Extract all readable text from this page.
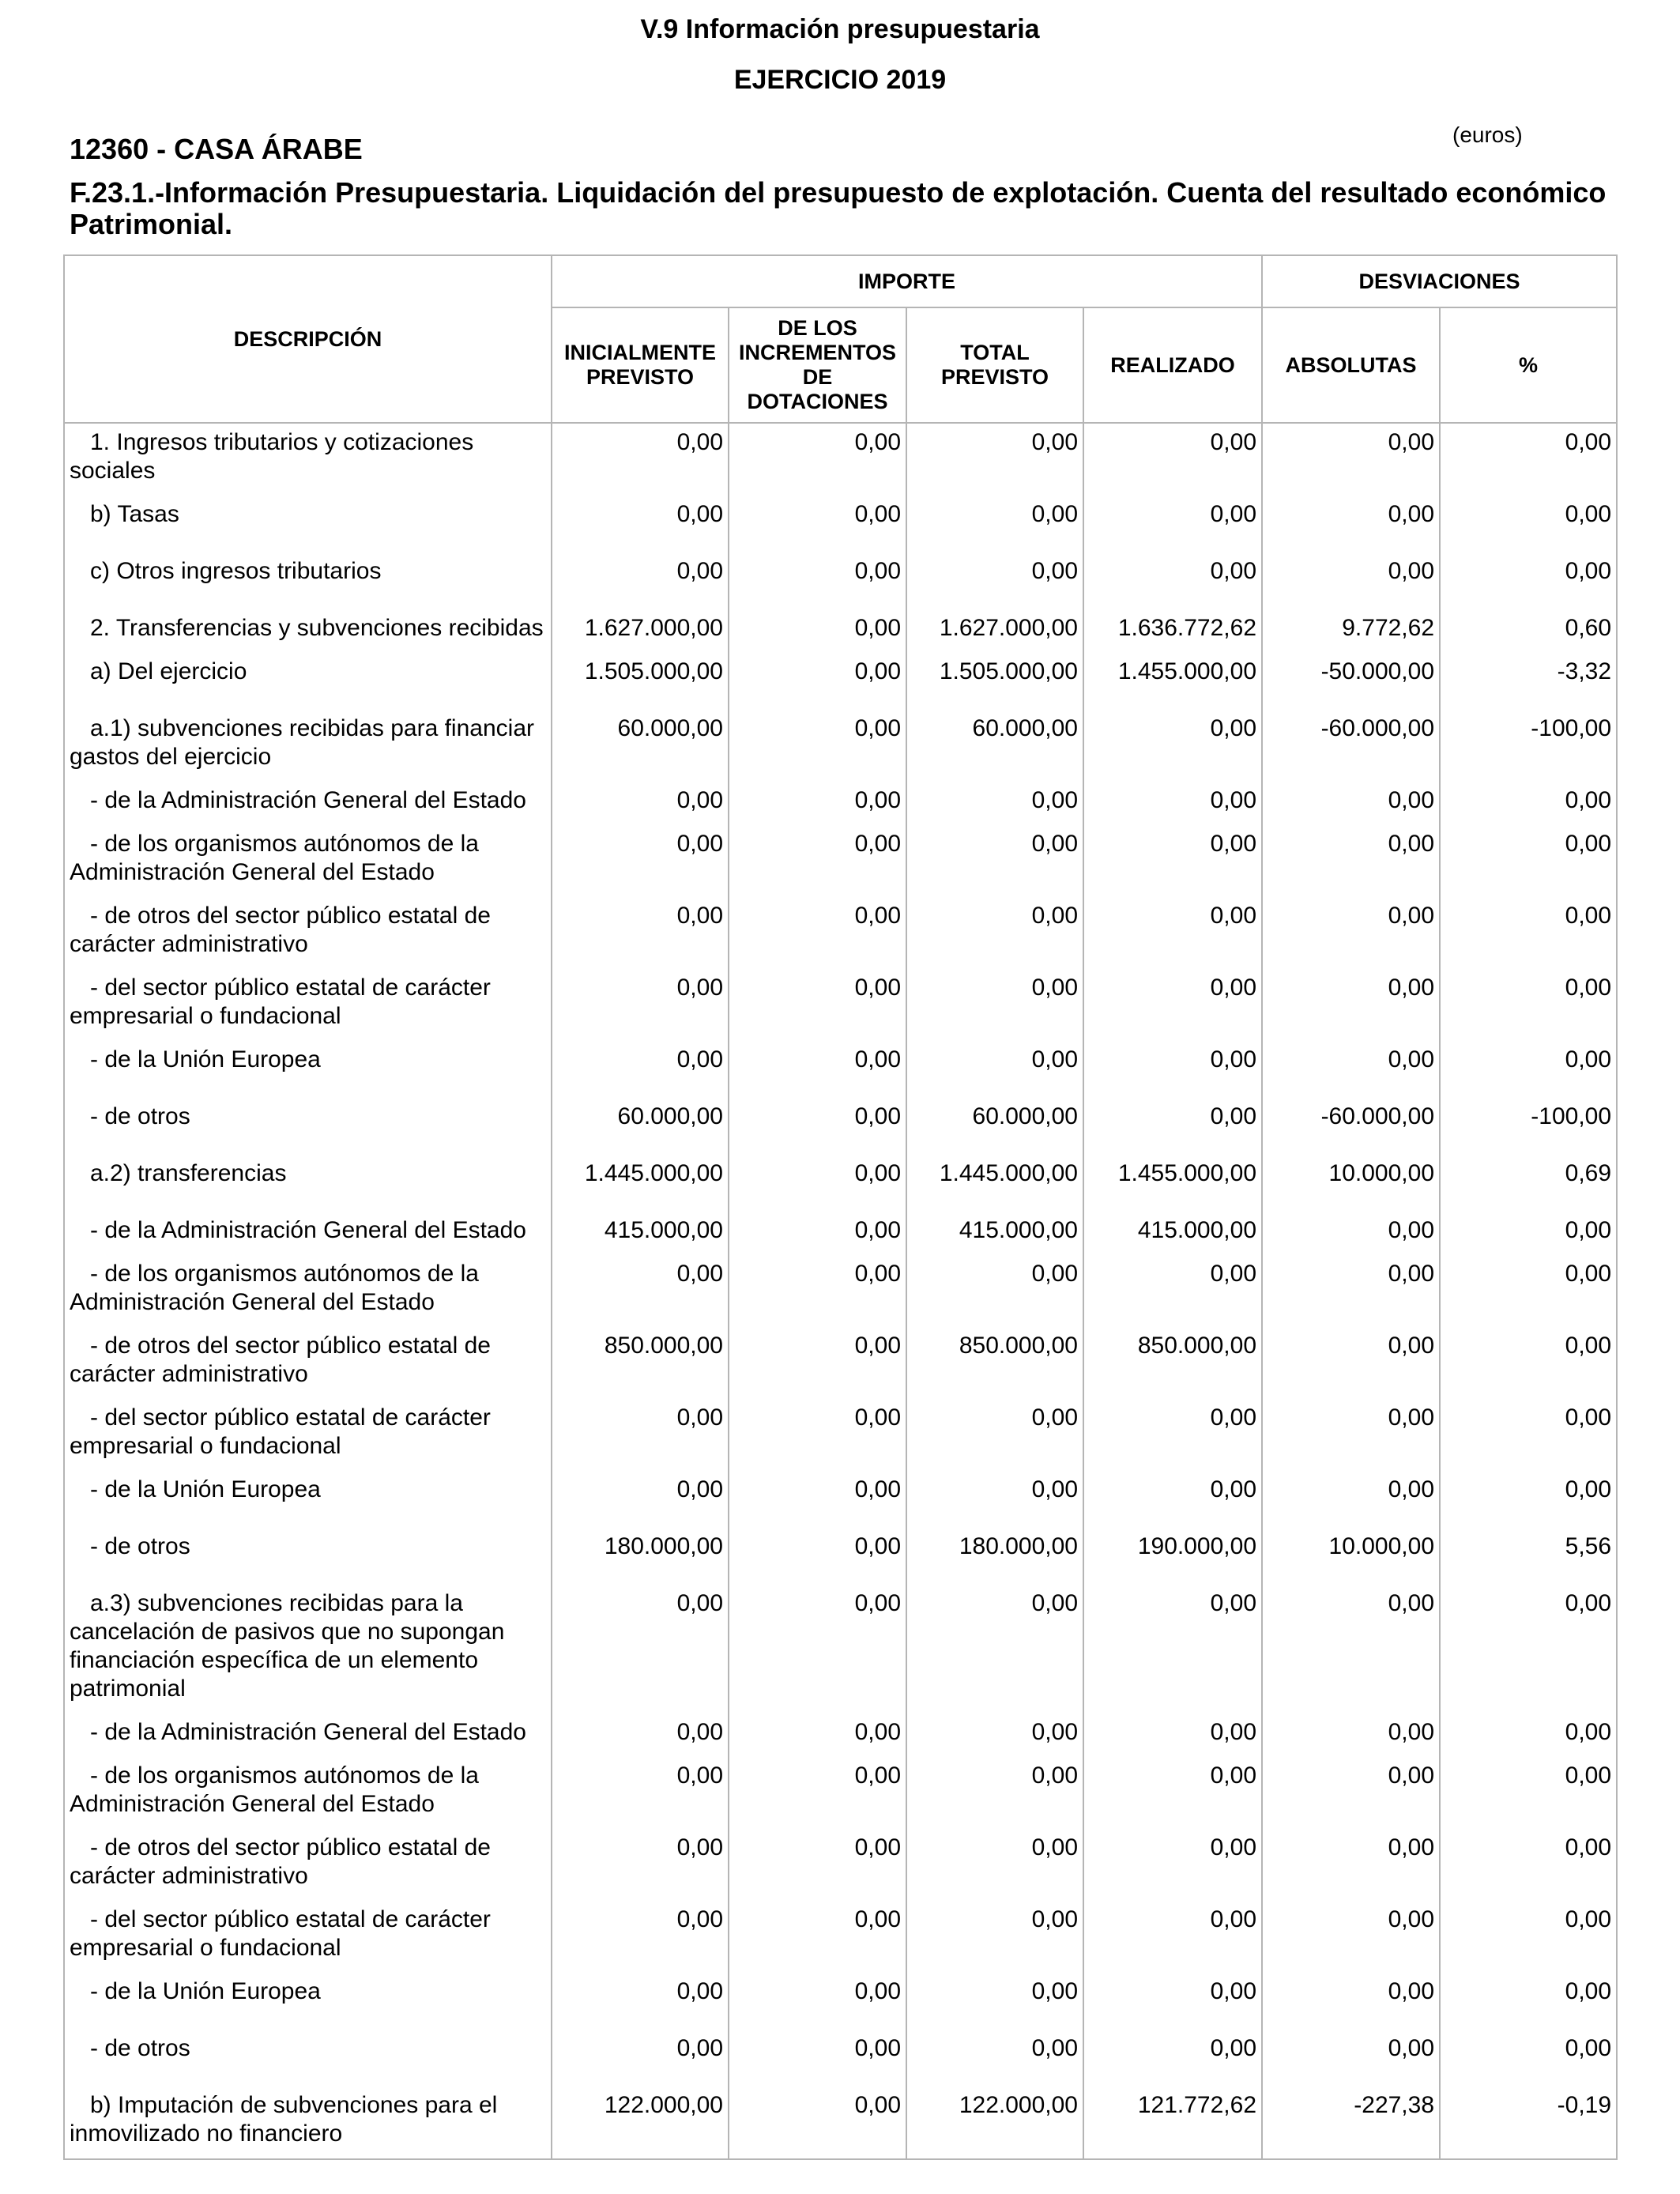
V.9 Información presupuestaria
EJERCICIO 2019
(euros)
12360 - CASA ÁRABE
F.23.1.-Información Presupuestaria. Liquidación del presupuesto de explotación. Cuenta del resultado económico Patrimonial.
DESCRIPCIÓN	IMPORTE				DESVIACIONES	
	INICIALMENTE PREVISTO	DE LOS INCREMENTOS DE DOTACIONES	TOTAL PREVISTO	REALIZADO	ABSOLUTAS	%
1. Ingresos tributarios y cotizaciones sociales	0,00	0,00	0,00	0,00	0,00	0,00
b) Tasas	0,00	0,00	0,00	0,00	0,00	0,00
c) Otros ingresos tributarios	0,00	0,00	0,00	0,00	0,00	0,00
2. Transferencias y subvenciones recibidas	1.627.000,00	0,00	1.627.000,00	1.636.772,62	9.772,62	0,60
a) Del ejercicio	1.505.000,00	0,00	1.505.000,00	1.455.000,00	-50.000,00	-3,32
a.1) subvenciones recibidas para financiar gastos del ejercicio	60.000,00	0,00	60.000,00	0,00	-60.000,00	-100,00
- de la Administración General del Estado	0,00	0,00	0,00	0,00	0,00	0,00
- de los organismos autónomos de la Administración General del Estado	0,00	0,00	0,00	0,00	0,00	0,00
- de otros del sector público estatal de carácter administrativo	0,00	0,00	0,00	0,00	0,00	0,00
- del sector público estatal de carácter empresarial o fundacional	0,00	0,00	0,00	0,00	0,00	0,00
- de la Unión Europea	0,00	0,00	0,00	0,00	0,00	0,00
- de otros	60.000,00	0,00	60.000,00	0,00	-60.000,00	-100,00
a.2) transferencias	1.445.000,00	0,00	1.445.000,00	1.455.000,00	10.000,00	0,69
- de la Administración General del Estado	415.000,00	0,00	415.000,00	415.000,00	0,00	0,00
- de los organismos autónomos de la Administración General del Estado	0,00	0,00	0,00	0,00	0,00	0,00
- de otros del sector público estatal de carácter administrativo	850.000,00	0,00	850.000,00	850.000,00	0,00	0,00
- del sector público estatal de carácter empresarial o fundacional	0,00	0,00	0,00	0,00	0,00	0,00
- de la Unión Europea	0,00	0,00	0,00	0,00	0,00	0,00
- de otros	180.000,00	0,00	180.000,00	190.000,00	10.000,00	5,56
a.3) subvenciones recibidas para la cancelación de pasivos que no supongan financiación específica de un elemento patrimonial	0,00	0,00	0,00	0,00	0,00	0,00
- de la Administración General del Estado	0,00	0,00	0,00	0,00	0,00	0,00
- de los organismos autónomos de la Administración General del Estado	0,00	0,00	0,00	0,00	0,00	0,00
- de otros del sector público estatal de carácter administrativo	0,00	0,00	0,00	0,00	0,00	0,00
- del sector público estatal de carácter empresarial o fundacional	0,00	0,00	0,00	0,00	0,00	0,00
- de la Unión Europea	0,00	0,00	0,00	0,00	0,00	0,00
- de otros	0,00	0,00	0,00	0,00	0,00	0,00
b) Imputación de subvenciones para el inmovilizado no financiero	122.000,00	0,00	122.000,00	121.772,62	-227,38	-0,19
